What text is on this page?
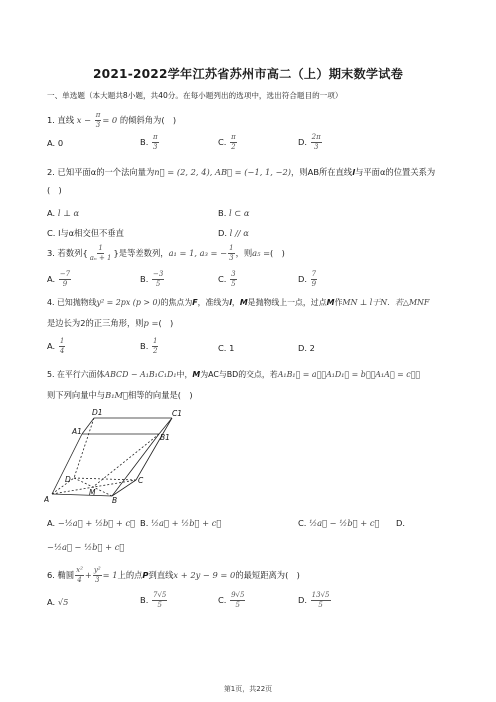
2021-2022学年江苏省苏州市高二（上）期末数学试卷
一、单选题（本大题共8小题，共40分。在每小题列出的选项中，选出符合题目的一项）
1. 直线 $x - \frac{\pi}{3} = 0$ 的倾斜角为(　)
A. 0	B. $\frac{\pi}{3}$	C. $\frac{\pi}{2}$	D. $\frac{2\pi}{3}$
2. 已知平面α的一个法向量为n⃗ = (2, 2, 4), AB⃗ = (−1, 1, −2)，则AB所在直线l与平面α的位置关系为
(　)
A. l ⊥ α	B. l ⊂ α
C. l与α相交但不垂直	D. l // α
3. 若数列{ $\frac{1}{\text{aₙ + 1}}$ }是等差数列，a₁ = 1, a₃ = − $\frac{1}{3}$ ，则a₅ =(　)
A. $\frac{-7}{9}$	B. $\frac{-3}{5}$	C. $\frac{3}{5}$	D. $\frac{7}{9}$
4. 已知抛物线y² = 2px (p > 0)的焦点为F，准线为l，M是抛物线上一点，过点M作MN ⊥ l于N．若△MNF
是边长为2的正三角形，则p =(　)
A. $\frac{1}{4}$	B. $\frac{1}{2}$	C. 1	D. 2
5. 在平行六面体ABCD − A₁B₁C₁D₁中，M为AC与BD的交点，若A₁B₁⃗ = a⃗，A₁D₁⃗ = b⃗，A₁A⃗ = c⃗，
则下列向量中与B₁M⃗相等的向量是(　)
D1	C1
A1
B1
D	C
M
A	B
A. −½a⃗ + ½b⃗ + c⃗ B. ½a⃗ + ½b⃗ + c⃗	C. ½a⃗ − ½b⃗ + c⃗ D.
−½a⃗ − ½b⃗ + c⃗
6. 椭圆 $\frac{\text{x²}}{4} + \frac{\text{y²}}{3} = 1$上的点P到直线x + 2y − 9 = 0的最短距离为(　)
A. √5	B. $\frac{7√5}{5}$	C. $\frac{9√5}{5}$	D. $\frac{13√5}{5}$
第1页，共22页
